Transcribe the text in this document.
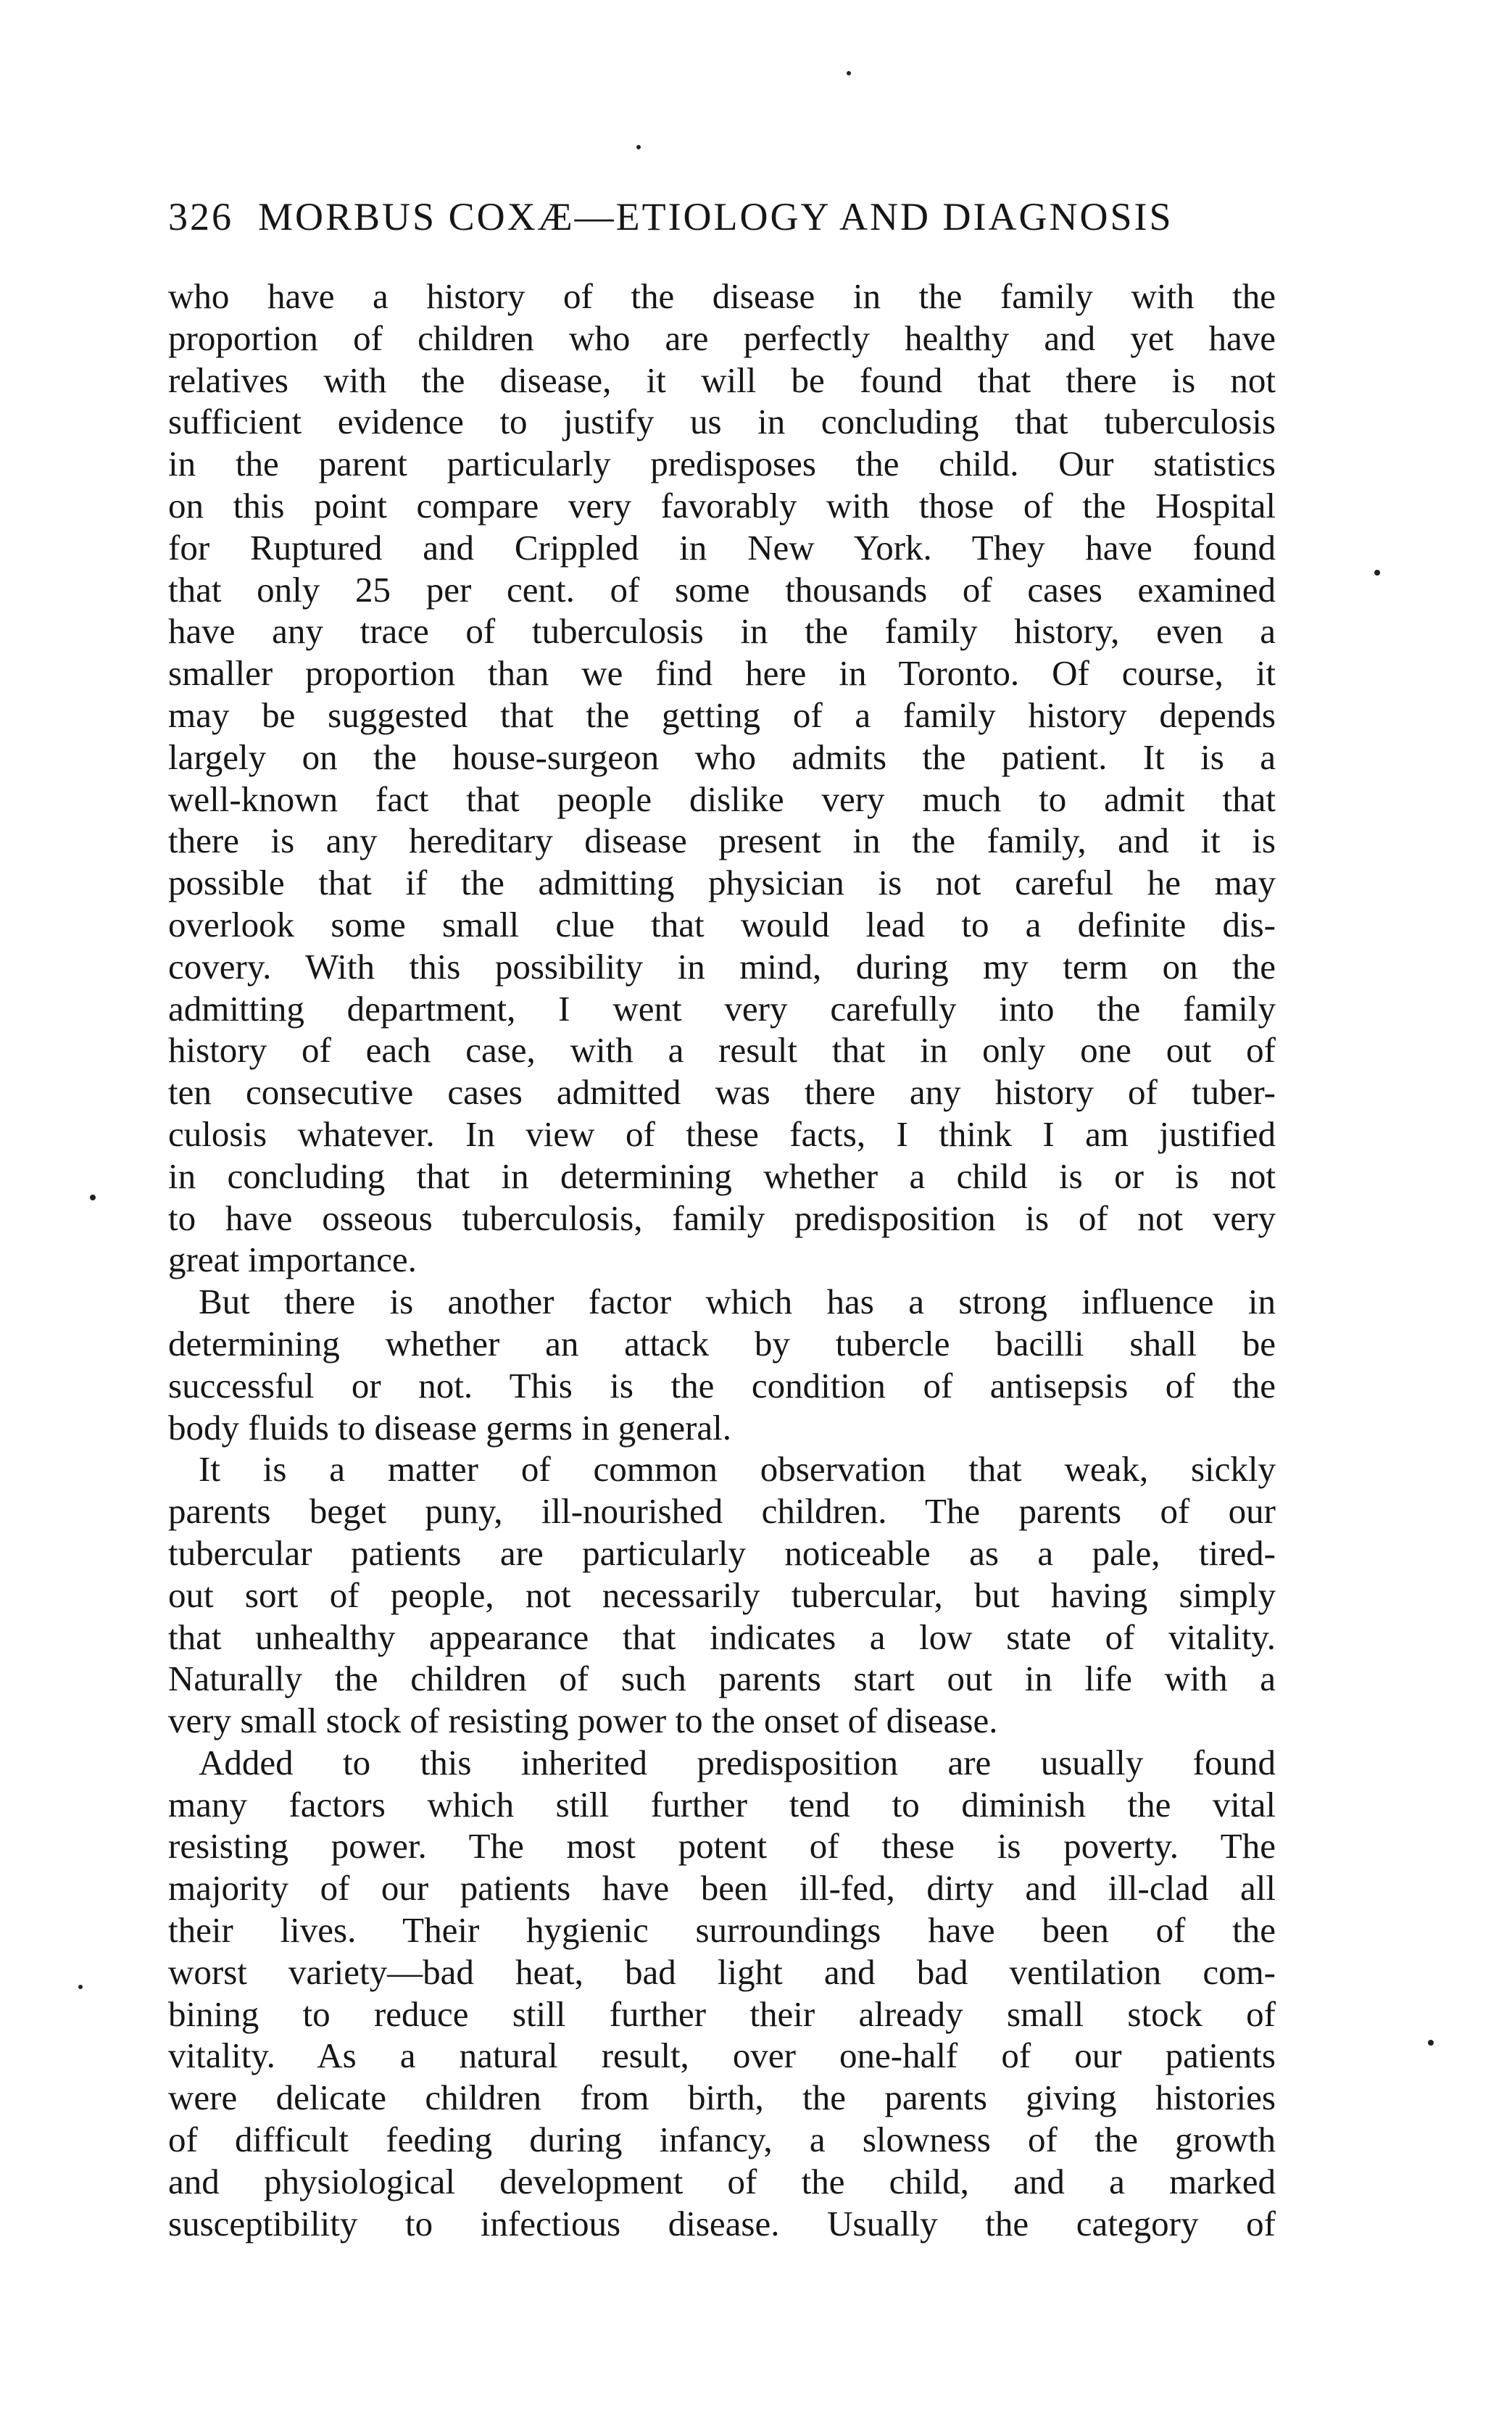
326 MORBUS COXÆ—ETIOLOGY AND DIAGNOSIS
who have a history of the disease in the family with the
proportion of children who are perfectly healthy and yet have
relatives with the disease, it will be found that there is not
sufficient evidence to justify us in concluding that tuberculosis
in the parent particularly predisposes the child. Our statistics
on this point compare very favorably with those of the Hospital
for Ruptured and Crippled in New York. They have found
that only 25 per cent. of some thousands of cases examined
have any trace of tuberculosis in the family history, even a
smaller proportion than we find here in Toronto. Of course, it
may be suggested that the getting of a family history depends
largely on the house-surgeon who admits the patient. It is a
well-known fact that people dislike very much to admit that
there is any hereditary disease present in the family, and it is
possible that if the admitting physician is not careful he may
overlook some small clue that would lead to a definite dis-
covery. With this possibility in mind, during my term on the
admitting department, I went very carefully into the family
history of each case, with a result that in only one out of
ten consecutive cases admitted was there any history of tuber-
culosis whatever. In view of these facts, I think I am justified
in concluding that in determining whether a child is or is not
to have osseous tuberculosis, family predisposition is of not very
great importance.
But there is another factor which has a strong influence in
determining whether an attack by tubercle bacilli shall be
successful or not. This is the condition of antisepsis of the
body fluids to disease germs in general.
It is a matter of common observation that weak, sickly
parents beget puny, ill-nourished children. The parents of our
tubercular patients are particularly noticeable as a pale, tired-
out sort of people, not necessarily tubercular, but having simply
that unhealthy appearance that indicates a low state of vitality.
Naturally the children of such parents start out in life with a
very small stock of resisting power to the onset of disease.
Added to this inherited predisposition are usually found
many factors which still further tend to diminish the vital
resisting power. The most potent of these is poverty. The
majority of our patients have been ill-fed, dirty and ill-clad all
their lives. Their hygienic surroundings have been of the
worst variety—bad heat, bad light and bad ventilation com-
bining to reduce still further their already small stock of
vitality. As a natural result, over one-half of our patients
were delicate children from birth, the parents giving histories
of difficult feeding during infancy, a slowness of the growth
and physiological development of the child, and a marked
susceptibility to infectious disease. Usually the category of
